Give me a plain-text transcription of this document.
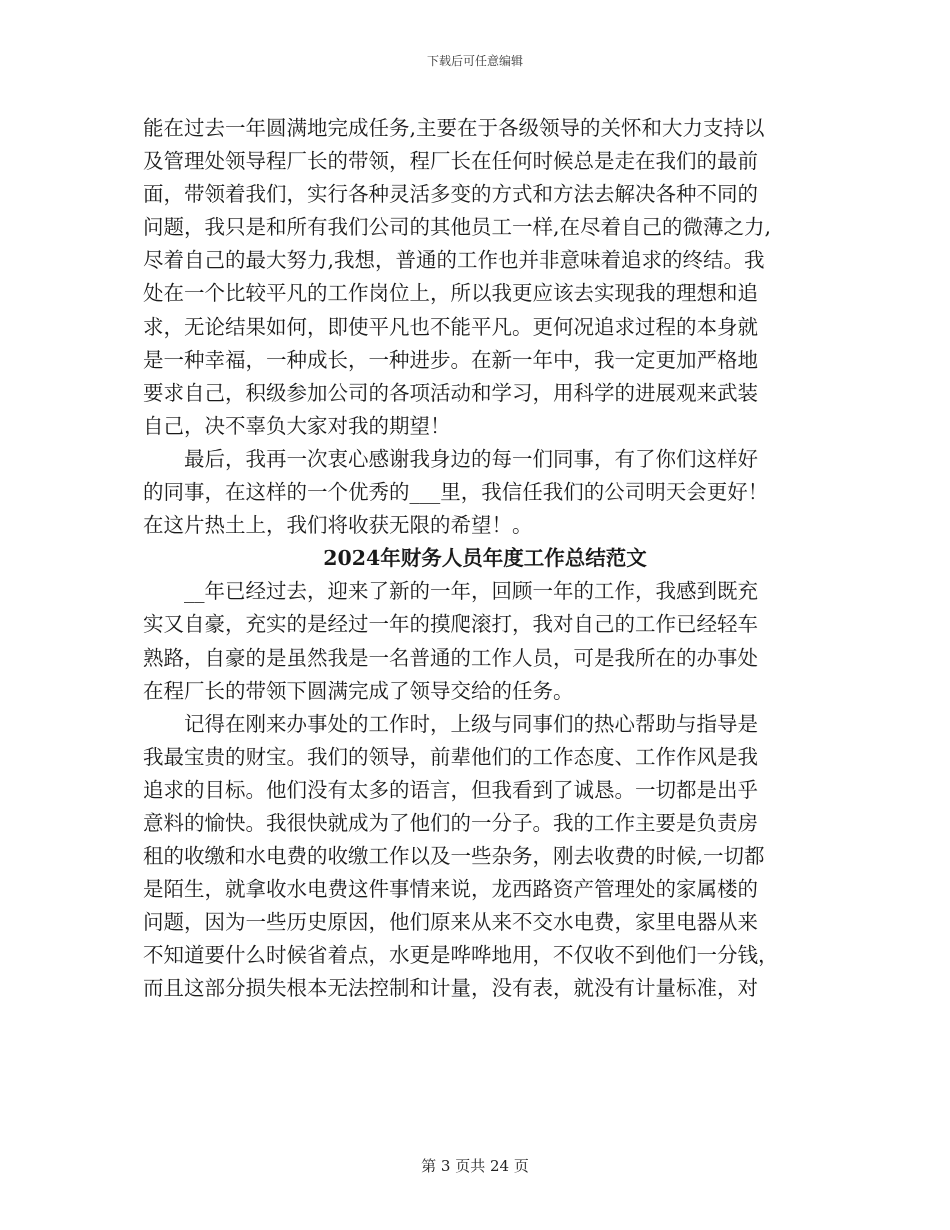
下载后可任意编辑
能在过去一年圆满地完成任务,主要在于各级领导的关怀和大力支持以
及管理处领导程厂长的带领，程厂长在任何时候总是走在我们的最前
面，带领着我们，实行各种灵活多变的方式和方法去解决各种不同的
问题，我只是和所有我们公司的其他员工一样,在尽着自己的微薄之力,
尽着自己的最大努力,我想，普通的工作也并非意味着追求的终结。我
处在一个比较平凡的工作岗位上，所以我更应该去实现我的理想和追
求，无论结果如何，即使平凡也不能平凡。更何况追求过程的本身就
是一种幸福，一种成长，一种进步。在新一年中，我一定更加严格地
要求自己，积级参加公司的各项活动和学习，用科学的进展观来武装
自己，决不辜负大家对我的期望！
最后，我再一次衷心感谢我身边的每一们同事，有了你们这样好
的同事，在这样的一个优秀的___里，我信任我们的公司明天会更好！
在这片热土上，我们将收获无限的希望！。
2024年财务人员年度工作总结范文
__年已经过去，迎来了新的一年，回顾一年的工作，我感到既充
实又自豪，充实的是经过一年的摸爬滚打，我对自己的工作已经轻车
熟路，自豪的是虽然我是一名普通的工作人员，可是我所在的办事处
在程厂长的带领下圆满完成了领导交给的任务。
记得在刚来办事处的工作时，上级与同事们的热心帮助与指导是
我最宝贵的财宝。我们的领导，前辈他们的工作态度、工作作风是我
追求的目标。他们没有太多的语言，但我看到了诚恳。一切都是出乎
意料的愉快。我很快就成为了他们的一分子。我的工作主要是负责房
租的收缴和水电费的收缴工作以及一些杂务，刚去收费的时候,一切都
是陌生，就拿收水电费这件事情来说，龙西路资产管理处的家属楼的
问题，因为一些历史原因，他们原来从来不交水电费，家里电器从来
不知道要什么时候省着点，水更是哗哗地用，不仅收不到他们一分钱，
而且这部分损失根本无法控制和计量，没有表，就没有计量标准，对
第 3 页共 24 页
